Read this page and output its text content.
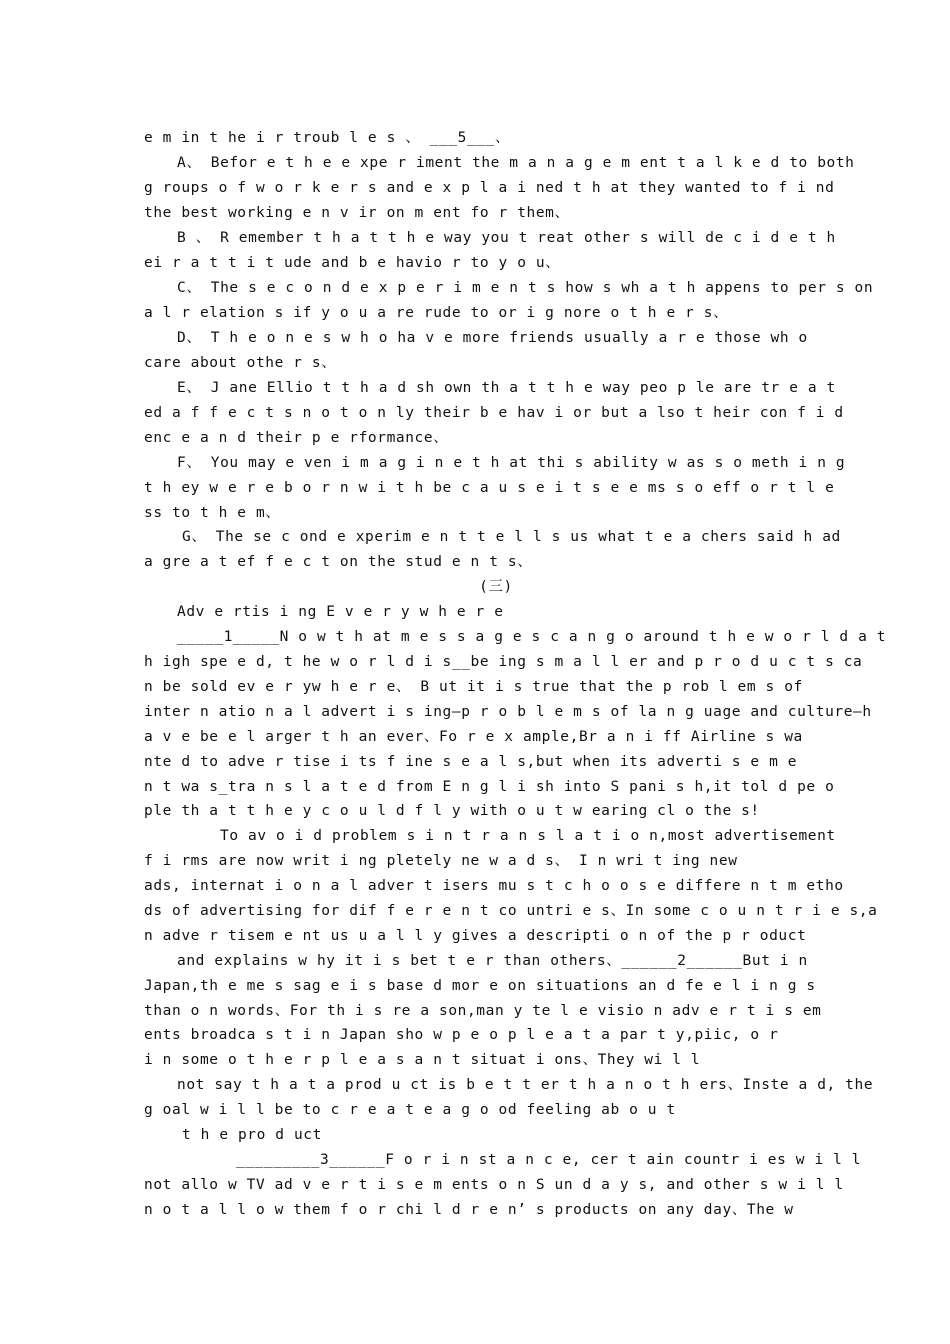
e m in t he i r troub l e s 、 ___5___、
A、 Befor e t h e e xpe r iment the m a n a g e m ent t a l k e d to both
g roups o f w o r k e r s and e x p l a i ned t h at they wanted to f i nd
the best working e n v ir on m ent fo r them、
B 、 R emember t h a t t h e way you t reat other s will de c i d e t h
ei r a t t i t ude and b e havio r to y o u、
C、 The s e c o n d e x p e r i m e n t s how s wh a t h appens to per s on
a l r elation s if y o u a re rude to or i g nore o t h e r s、
D、 T h e o n e s w h o ha v e more friends usually a r e those wh o
care about othe r s、
E、 J ane Ellio t t h a d sh own th a t t h e way peo p le are tr e a t
ed a f f e c t s n o t o n ly their b e hav i or but a lso t heir con f i d
enc e a n d their p e rformance、
F、 You may e ven i m a g i n e t h at thi s ability w as s o meth i n g
t h ey w e r e b o r n w i t h be c a u s e i t s e e ms s o eff o r t l e
ss to t h e m、
G、 The se c ond e xperim e n t t e l l s us what t e a chers said h ad
a gre a t ef f e c t on the stud e n t s、
(三)
Adv e rtis i ng E v e r y w h e r e
_____1_____N o w t h at m e s s a g e s c a n g o around t h e w o r l d a t
h igh spe e d, t he w o r l d i s__be ing s m a l l er and p r o d u c t s ca
n be sold ev e r yw h e r e、 B ut it i s true that the p rob l em s of
inter n atio n a l advert i s ing—p r o b l e m s of la n g uage and culture—h
a v e be e l arger t h an ever、Fo r e x ample,Br a n i ff Airline s wa
nte d to adve r tise i ts f ine s e a l s,but when its adverti s e m e
n t wa s_tra n s l a t e d from E n g l i sh into S pani s h,it tol d pe o
ple th a t t h e y c o u l d f l y with o u t w earing cl o the s!
To av o i d problem s i n t r a n s l a t i o n,most advertisement
f i rms are now writ i ng pletely ne w a d s、 I n wri t ing new
ads, internat i o n a l adver t isers mu s t c h o o s e differe n t m etho
ds of advertising for dif f e r e n t co untri e s、In some c o u n t r i e s,a
n adve r tisem e nt us u a l l y gives a descripti o n of the p r oduct
and explains w hy it i s bet t e r than others、______2______But i n
Japan,th e me s sag e i s base d mor e on situations an d fe e l i n g s
than o n words、For th i s re a son,man y te l e visio n adv e r t i s em
ents broadca s t i n Japan sho w p e o p l e a t a par t y,piic, o r
i n some o t h e r p l e a s a n t situat i ons、They wi l l
not say t h a t a prod u ct is b e t t er t h a n o t h ers、Inste a d, the
g oal w i l l be to c r e a t e a g o od feeling ab o u t
t h e pro d uct
_________3______F o r i n st a n c e, cer t ain countr i es w i l l
not allo w TV ad v e r t i s e m ents o n S un d a y s, and other s w i l l
n o t a l l o w them f o r chi l d r e n’ s products on any day、The w
